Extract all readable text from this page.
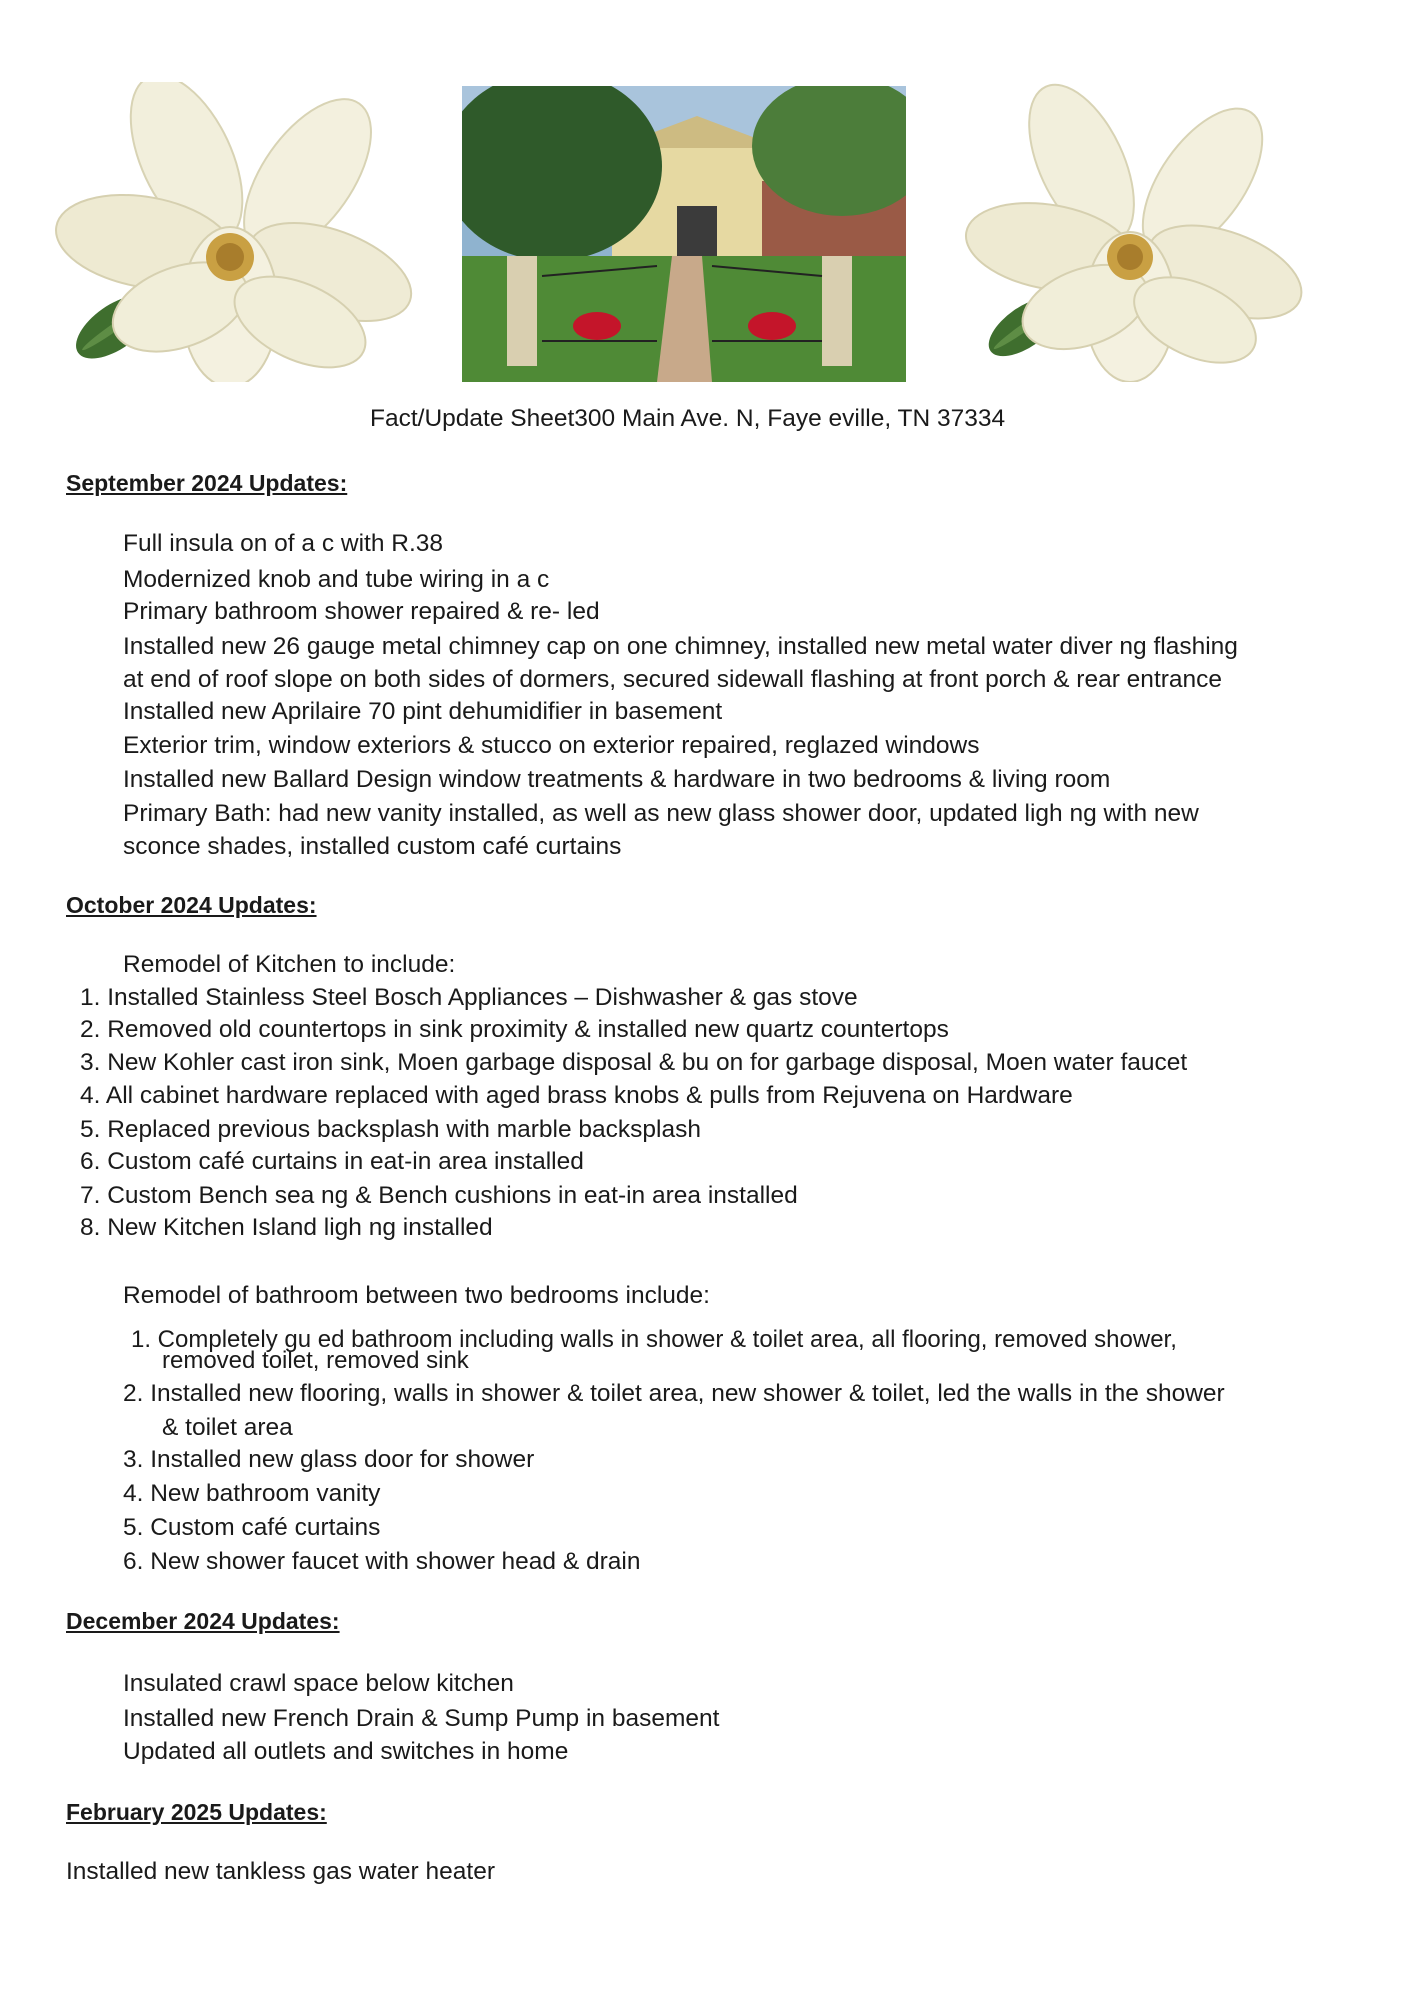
Fact/Update Sheet300 Main Ave. N, Faye eville, TN 37334
September 2024 Updates:
Full insula on of a c with R.38
Modernized knob and tube wiring in a c
Primary bathroom shower repaired & re- led
Installed new 26 gauge metal chimney cap on one chimney, installed new metal water diver ng flashing
at end of roof slope on both sides of dormers, secured sidewall flashing at front porch & rear entrance
Installed new Aprilaire 70 pint dehumidifier in basement
Exterior trim, window exteriors & stucco on exterior repaired, reglazed windows
Installed new Ballard Design window treatments & hardware in two bedrooms & living room
Primary Bath: had new vanity installed, as well as new glass shower door, updated ligh ng with new
sconce shades, installed custom café curtains
October 2024 Updates:
Remodel of Kitchen to include:
1. Installed Stainless Steel Bosch Appliances – Dishwasher & gas stove
2. Removed old countertops in sink proximity & installed new quartz countertops
3. New Kohler cast iron sink, Moen garbage disposal & bu on for garbage disposal, Moen water faucet
4. All cabinet hardware replaced with aged brass knobs & pulls from Rejuvena on Hardware
5. Replaced previous backsplash with marble backsplash
6. Custom café curtains in eat-in area installed
7. Custom Bench sea ng & Bench cushions in eat-in area installed
8. New Kitchen Island ligh ng installed
Remodel of bathroom between two bedrooms include:
1. Completely gu ed bathroom including walls in shower & toilet area, all flooring, removed shower,
removed toilet, removed sink
2. Installed new flooring, walls in shower & toilet area, new shower & toilet, led the walls in the shower
& toilet area
3. Installed new glass door for shower
4. New bathroom vanity
5. Custom café curtains
6. New shower faucet with shower head & drain
December 2024 Updates:
Insulated crawl space below kitchen
Installed new French Drain & Sump Pump in basement
Updated all outlets and switches in home
February 2025 Updates:
Installed new tankless gas water heater
